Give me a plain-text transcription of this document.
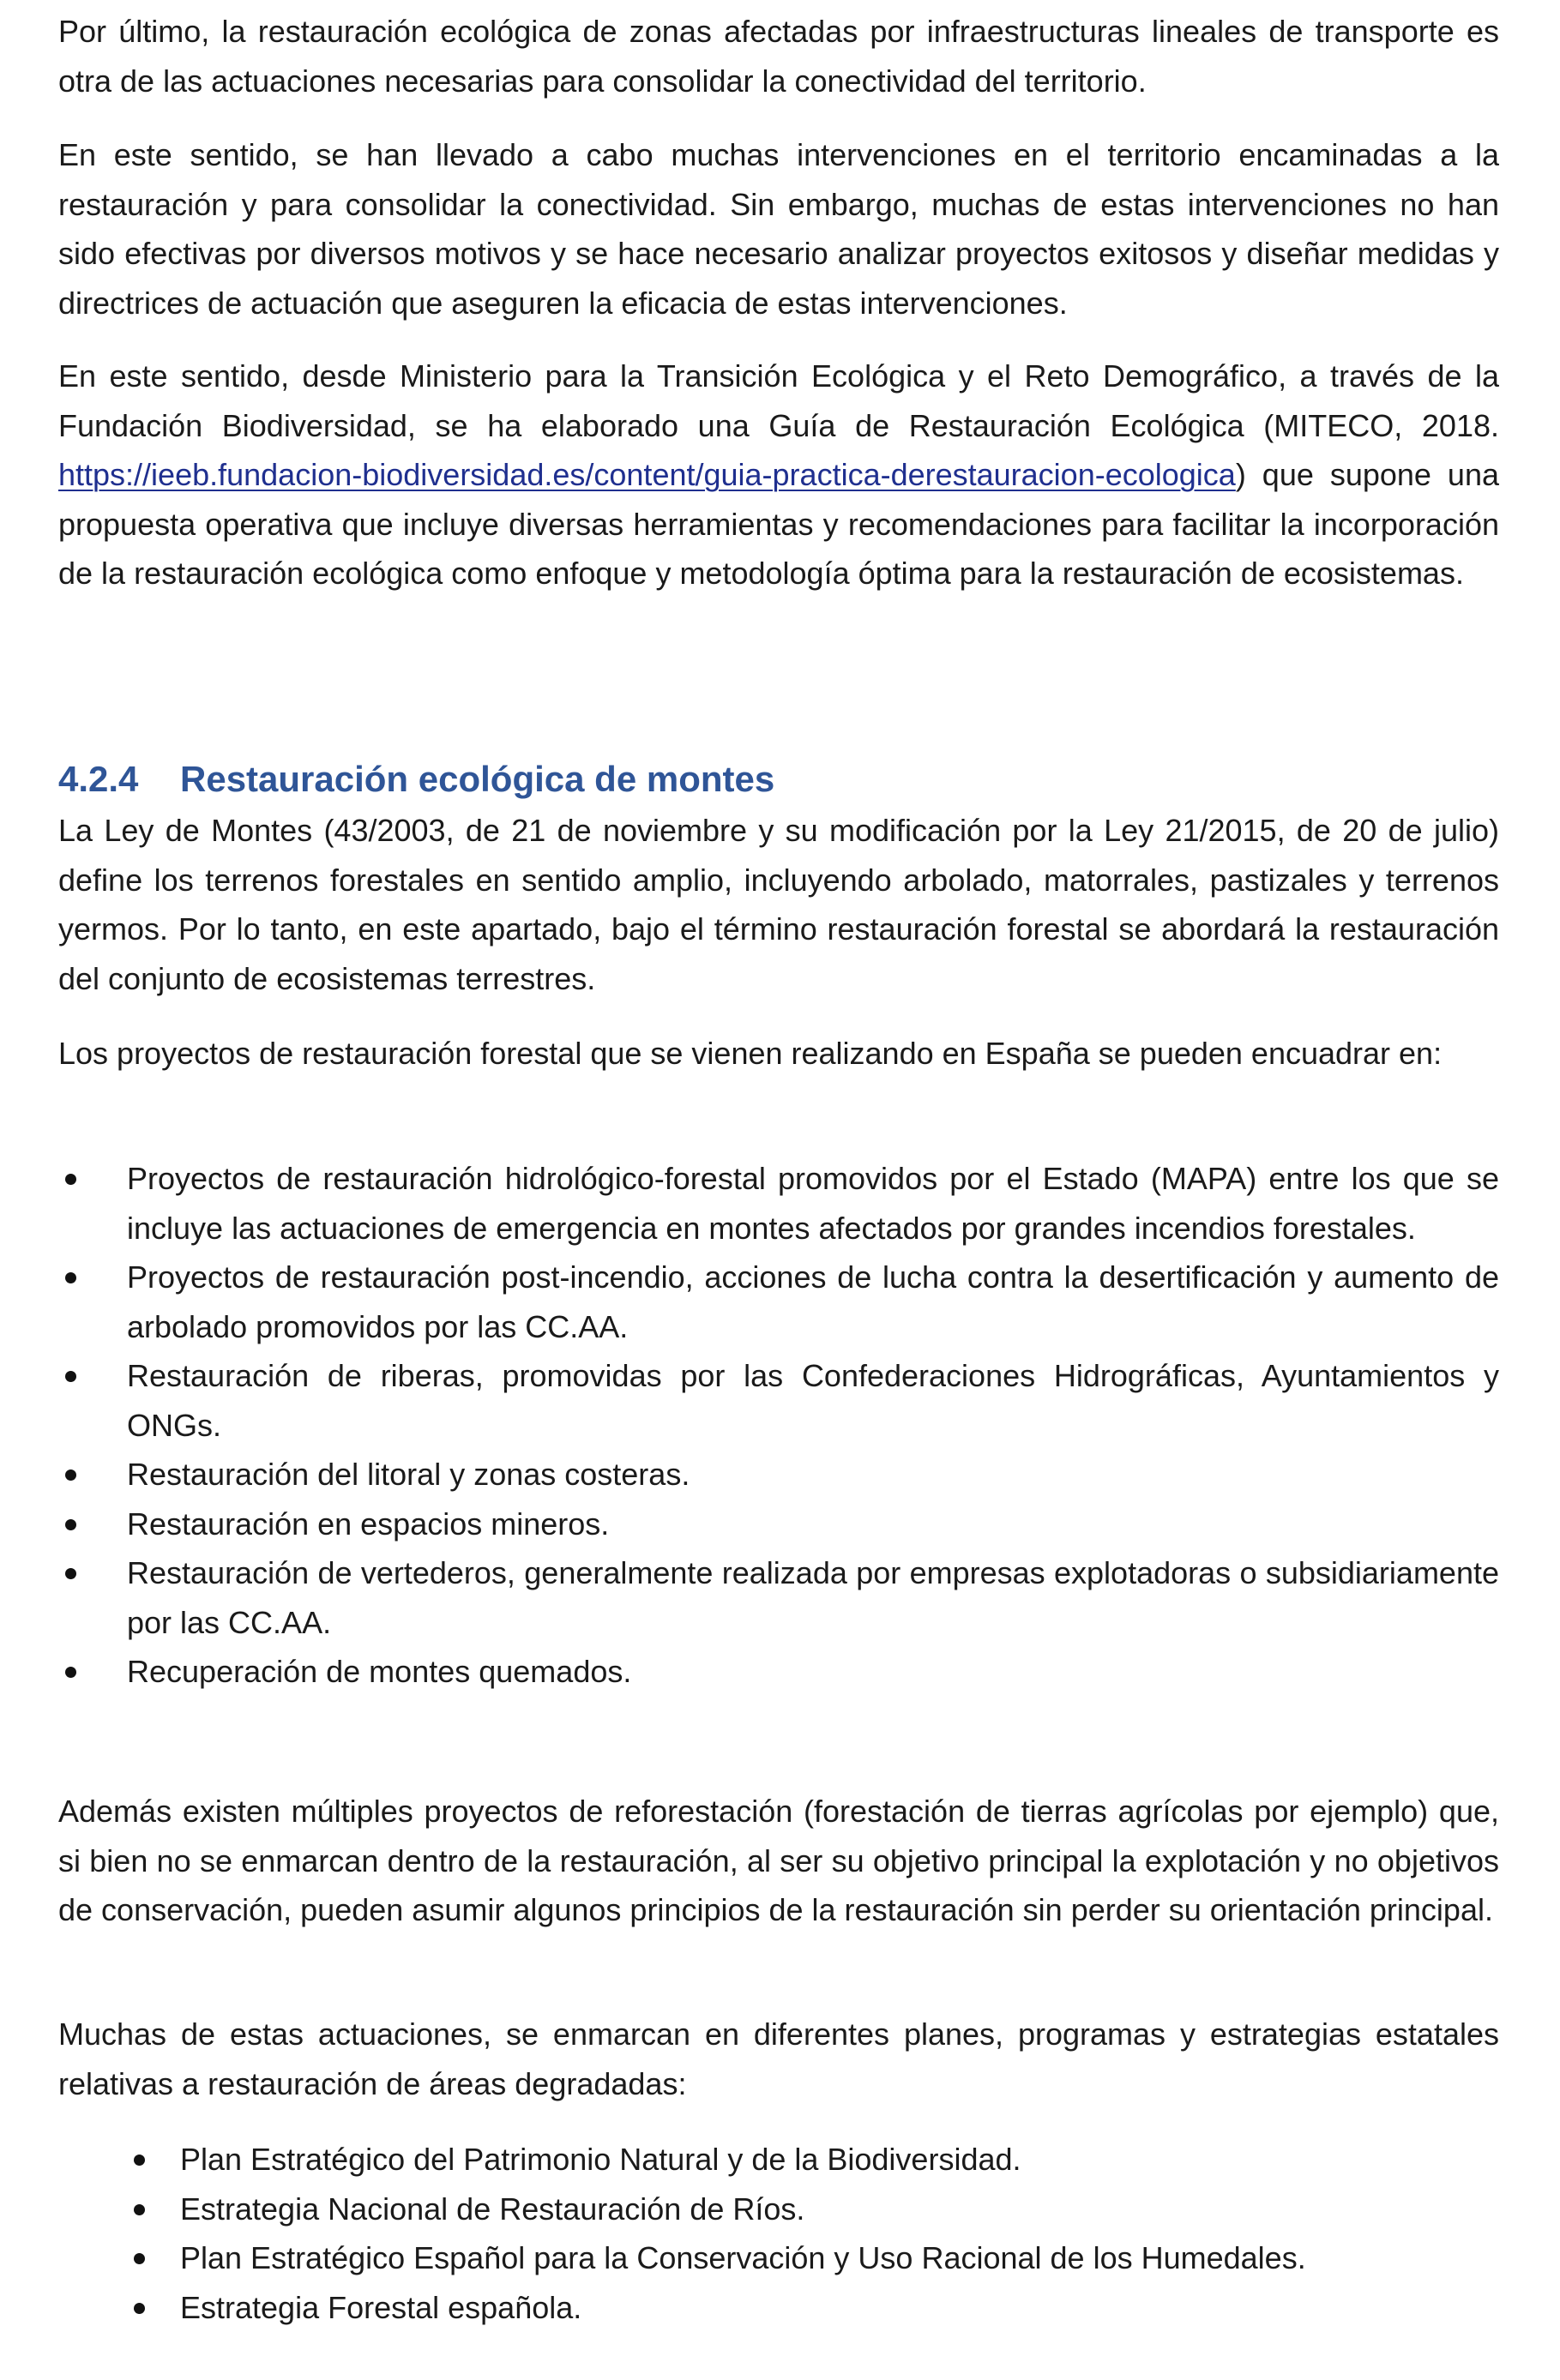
Por último, la restauración ecológica de zonas afectadas por infraestructuras lineales de transporte es otra de las actuaciones necesarias para consolidar la conectividad del territorio.

En este sentido, se han llevado a cabo muchas intervenciones en el territorio encaminadas a la restauración y para consolidar la conectividad. Sin embargo, muchas de estas intervenciones no han sido efectivas por diversos motivos y se hace necesario analizar proyectos exitosos y diseñar medidas y directrices de actuación que aseguren la eficacia de estas intervenciones.

En este sentido, desde Ministerio para la Transición Ecológica y el Reto Demográfico, a través de la Fundación Biodiversidad, se ha elaborado una Guía de Restauración Ecológica (MITECO, 2018. https://ieeb.fundacion-biodiversidad.es/content/guia-practica-derestauracion-ecologica) que supone una propuesta operativa que incluye diversas herramientas y recomendaciones para facilitar la incorporación de la restauración ecológica como enfoque y metodología óptima para la restauración de ecosistemas.

4.2.4	Restauración ecológica de montes

La Ley de Montes (43/2003, de 21 de noviembre y su modificación por la Ley 21/2015, de 20 de julio) define los terrenos forestales en sentido amplio, incluyendo arbolado, matorrales, pastizales y terrenos yermos. Por lo tanto, en este apartado, bajo el término restauración forestal se abordará la restauración del conjunto de ecosistemas terrestres.

Los proyectos de restauración forestal que se vienen realizando en España se pueden encuadrar en:

Proyectos de restauración hidrológico-forestal promovidos por el Estado (MAPA) entre los que se incluye las actuaciones de emergencia en montes afectados por grandes incendios forestales.
Proyectos de restauración post-incendio, acciones de lucha contra la desertificación y aumento de arbolado promovidos por las CC.AA.
Restauración de riberas, promovidas por las Confederaciones Hidrográficas, Ayuntamientos y ONGs.
Restauración del litoral y zonas costeras.
Restauración en espacios mineros.
Restauración de vertederos, generalmente realizada por empresas explotadoras o subsidiariamente por las CC.AA.
Recuperación de montes quemados.

Además existen múltiples proyectos de reforestación (forestación de tierras agrícolas por ejemplo) que, si bien no se enmarcan dentro de la restauración, al ser su objetivo principal la explotación y no objetivos de conservación, pueden asumir algunos principios de la restauración sin perder su orientación principal.

Muchas de estas actuaciones, se enmarcan en diferentes planes, programas y estrategias estatales relativas a restauración de áreas degradadas:

Plan Estratégico del Patrimonio Natural y de la Biodiversidad.
Estrategia Nacional de Restauración de Ríos.
Plan Estratégico Español para la Conservación y Uso Racional de los Humedales.
Estrategia Forestal española.
